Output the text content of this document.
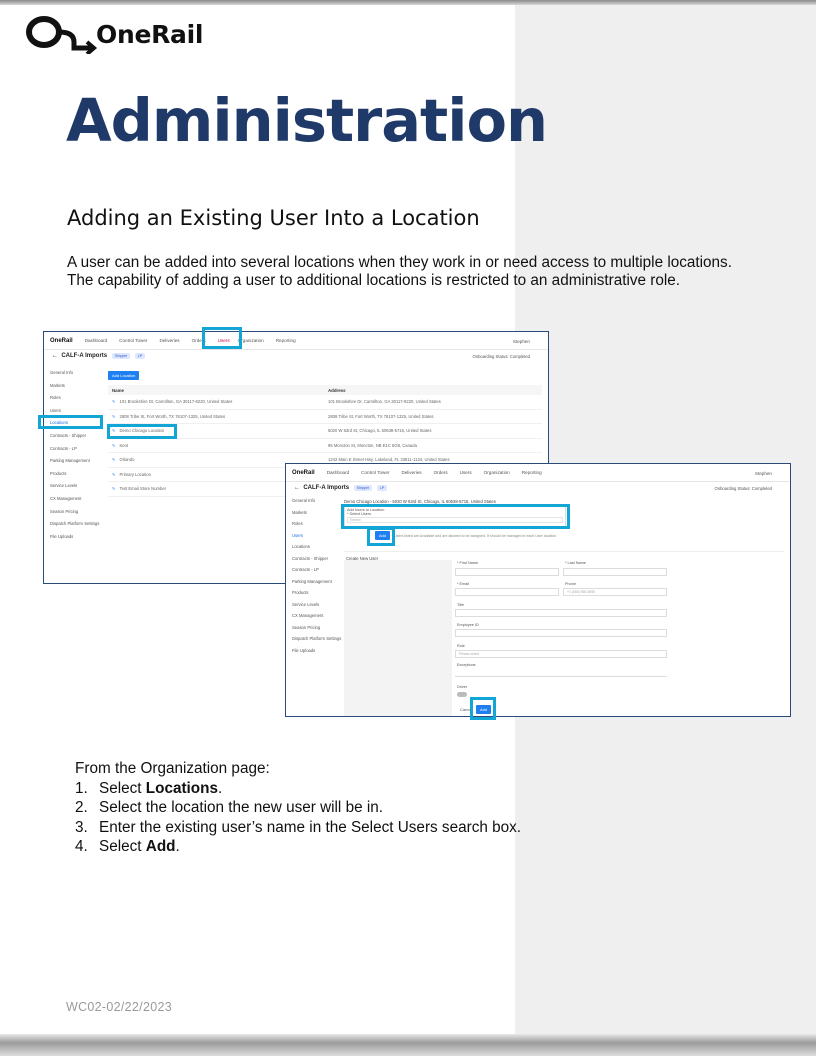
OneRail
Administration
Adding an Existing User Into a Location
A user can be added into several locations when they work in or need access to multiple locations. The capability of adding a user to additional locations is restricted to an administrative role.
OneRail	Dashboard	Control Tower	Deliveries	Orders	Users Organization	Reporting	Stephen
←  CALF-A Imports Shipper	LP	Onboarding Status: Completed
General Info
Markets
Roles
Users
Locations
Contracts - Shipper
Contracts - LP
Parking Management
Products
Service Levels
CX Management
Season Pricing
Dispatch Platform Settings
File Uploads
Add Location
Name	Address
✎ 101 Brookshire Dr, Carrollton, GA 30117-8220, United States	101 Brookshire Dr, Carrollton, GA 30117-8220, United States
✎ 2808 Tribe St, Fort Worth, TX 76107-1325, United States	2808 Tribe St, Fort Worth, TX 76107-1325, United States
✎ Demo Chicago Location	5020 W 63rd St, Chicago, IL 60638-5716, United States
✎ Kent	95 Moncton St, Moncton, NB E1C 6G8, Canada
✎ Orlando	1242 Main E Street Hwy, Lakeland, FL 33811-1134, United States
✎ Primary Location
✎ Test Email Store Number
OneRail	Dashboard	Control Tower	Deliveries	Orders	Users	Organization	Reporting	Stephen
←  CALF-A Imports Shipper	LP	Onboarding Status: Completed
General Info
Markets
Roles
Users
Locations
Contracts - Shipper
Contracts - LP
Parking Management
Products
Service Levels
CX Management
Season Pricing
Dispatch Platform Settings
File Uploads
Demo Chicago Location - 5020 W 63rd St, Chicago, IL 60638-5716, United States
Add Users to Location
* Select Users
Select
Add	Users listed are Available and are allowed to be assigned. It should be managed in each User location.
Create New User
* First Name	* Last Name
* Email	Phone
+1 (555) 555-5555
Title
Employee ID
Role
Please select
Exceptions
Driver
Cancel	Add
From the Organization page:
1. Select Locations.
2. Select the location the new user will be in.
3. Enter the existing user’s name in the Select Users search box.
4. Select Add.
WC02-02/22/2023
